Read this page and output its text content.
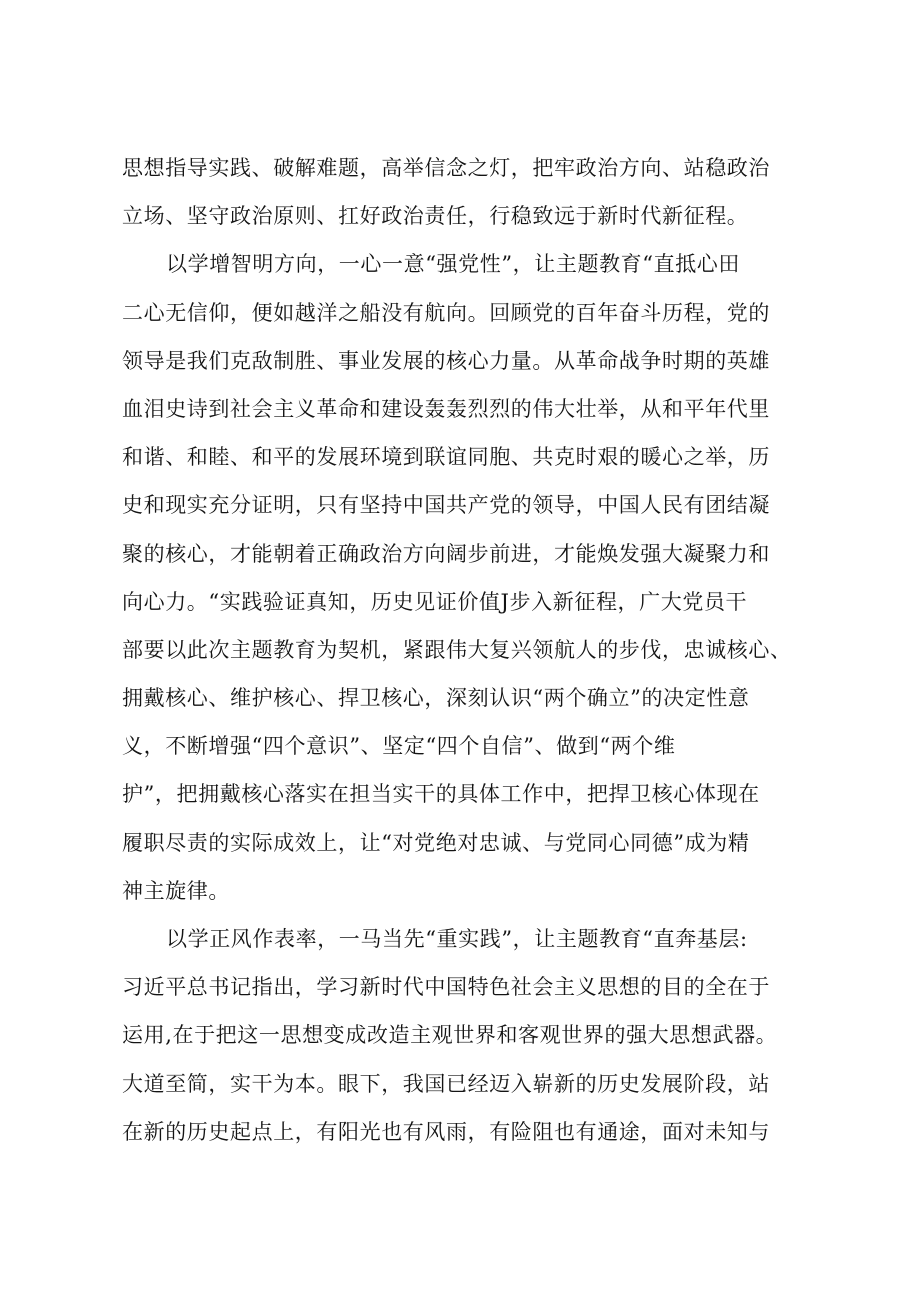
思想指导实践、破解难题，高举信念之灯，把牢政治方向、站稳政治
立场、坚守政治原则、扛好政治责任，行稳致远于新时代新征程。
以学增智明方向，一心一意“强党性”，让主题教育“直抵心田
二心无信仰，便如越洋之船没有航向。回顾党的百年奋斗历程，党的
领导是我们克敌制胜、事业发展的核心力量。从革命战争时期的英雄
血泪史诗到社会主义革命和建设轰轰烈烈的伟大壮举，从和平年代里
和谐、和睦、和平的发展环境到联谊同胞、共克时艰的暖心之举，历
史和现实充分证明，只有坚持中国共产党的领导，中国人民有团结凝
聚的核心，才能朝着正确政治方向阔步前进，才能焕发强大凝聚力和
向心力。“实践验证真知，历史见证价值J步入新征程，广大党员干
部要以此次主题教育为契机，紧跟伟大复兴领航人的步伐，忠诚核心、
拥戴核心、维护核心、捍卫核心，深刻认识“两个确立”的决定性意
义，不断增强“四个意识”、坚定“四个自信”、做到“两个维
护”，把拥戴核心落实在担当实干的具体工作中，把捍卫核心体现在
履职尽责的实际成效上，让“对党绝对忠诚、与党同心同德”成为精
神主旋律。
以学正风作表率，一马当先“重实践”，让主题教育“直奔基层:
习近平总书记指出，学习新时代中国特色社会主义思想的目的全在于
运用,在于把这一思想变成改造主观世界和客观世界的强大思想武器。
大道至简，实干为本。眼下，我国已经迈入崭新的历史发展阶段，站
在新的历史起点上，有阳光也有风雨，有险阻也有通途，面对未知与
